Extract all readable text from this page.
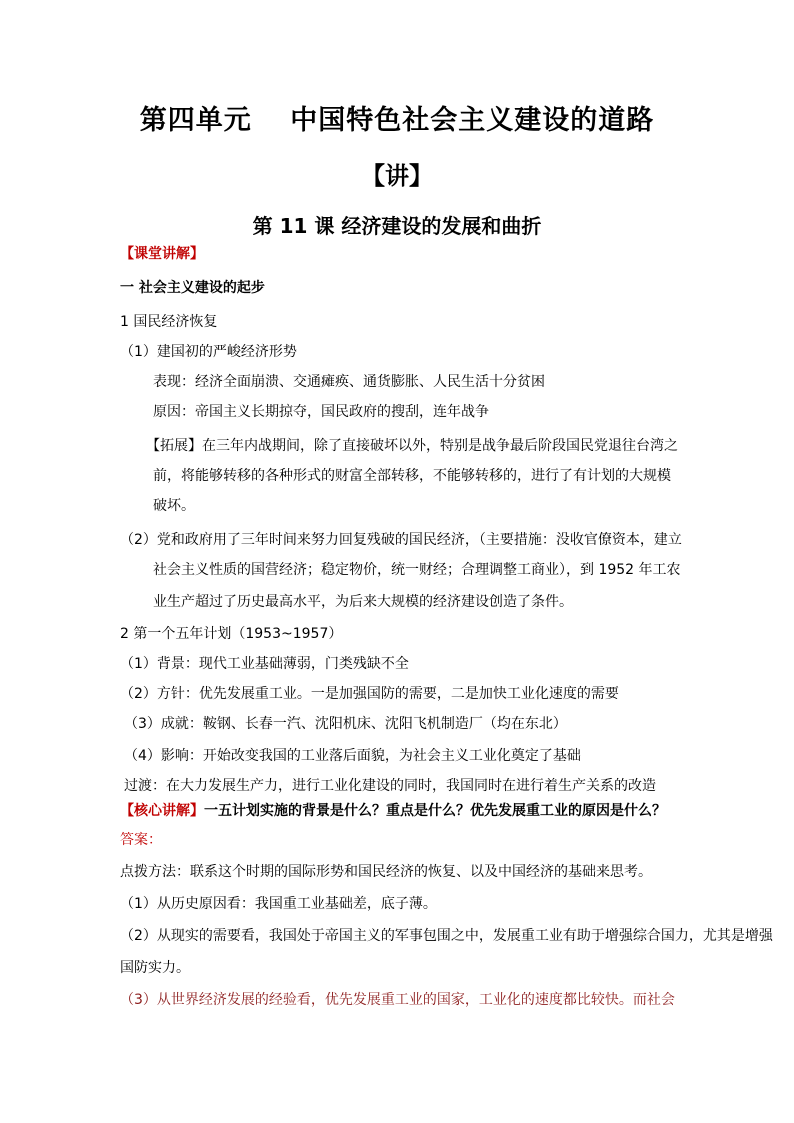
第四单元　 中国特色社会主义建设的道路
【讲】
第 11 课 经济建设的发展和曲折
【课堂讲解】
一 社会主义建设的起步
1 国民经济恢复
（1）建国初的严峻经济形势
表现：经济全面崩溃、交通瘫痪、通货膨胀、人民生活十分贫困
原因：帝国主义长期掠夺，国民政府的搜刮，连年战争
【拓展】在三年内战期间，除了直接破坏以外，特别是战争最后阶段国民党退往台湾之
前，将能够转移的各种形式的财富全部转移，不能够转移的，进行了有计划的大规模
破坏。
（2）党和政府用了三年时间来努力回复残破的国民经济，（主要措施：没收官僚资本，建立
社会主义性质的国营经济；稳定物价，统一财经；合理调整工商业），到 1952 年工农
业生产超过了历史最高水平，为后来大规模的经济建设创造了条件。
2 第一个五年计划（1953~1957）
（1）背景：现代工业基础薄弱，门类残缺不全
（2）方针：优先发展重工业。一是加强国防的需要，二是加快工业化速度的需要
（3）成就：鞍钢、长春一汽、沈阳机床、沈阳飞机制造厂（均在东北）
（4）影响：开始改变我国的工业落后面貌，为社会主义工业化奠定了基础
过渡：在大力发展生产力，进行工业化建设的同时，我国同时在进行着生产关系的改造
【核心讲解】一五计划实施的背景是什么？重点是什么？优先发展重工业的原因是什么？
答案：
点拨方法：联系这个时期的国际形势和国民经济的恢复、以及中国经济的基础来思考。
（1）从历史原因看：我国重工业基础差，底子薄。
（2）从现实的需要看，我国处于帝国主义的军事包围之中，发展重工业有助于增强综合国力，尤其是增强
国防实力。
（3）从世界经济发展的经验看，优先发展重工业的国家，工业化的速度都比较快。而社会
